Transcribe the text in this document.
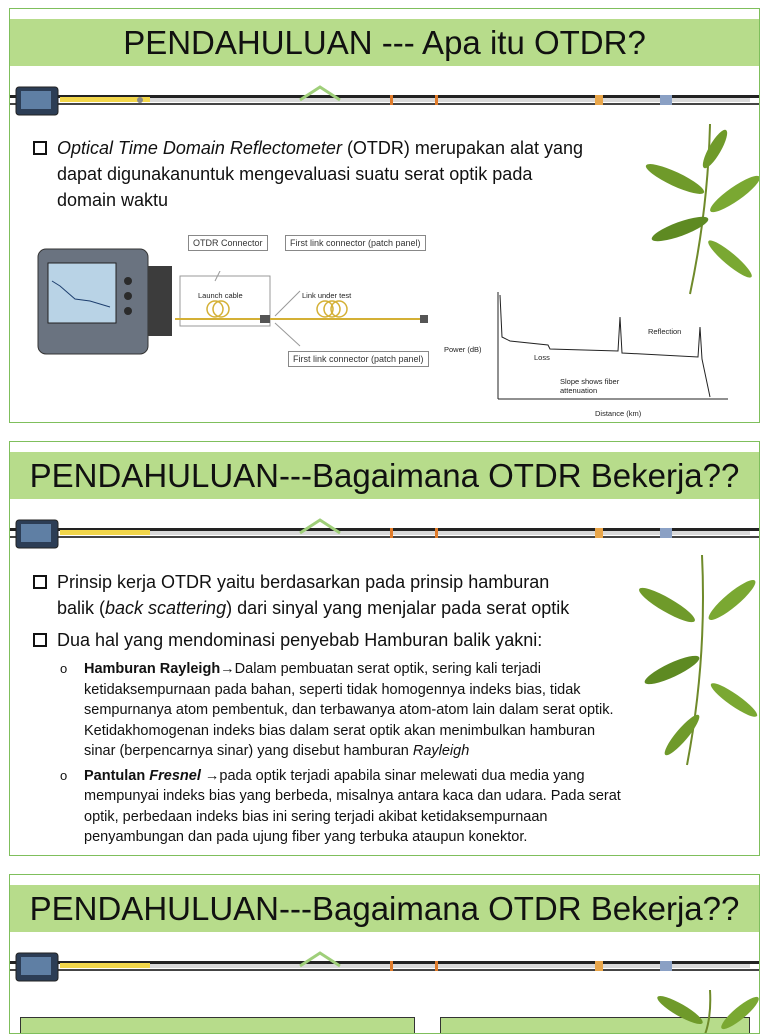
PENDAHULUAN --- Apa itu OTDR?
Optical Time Domain Reflectometer (OTDR) merupakan alat yang
dapat digunakanuntuk mengevaluasi suatu serat optik pada
domain waktu
OTDR Connector	First link connector (patch panel)
First link connector (patch panel)
Launch cable	Link under test
Power (dB)
Loss
Reflection
Slope shows fiber
attenuation
Distance (km)
PENDAHULUAN---Bagaimana OTDR Bekerja??
Prinsip kerja OTDR yaitu berdasarkan pada prinsip hamburan
balik (back scattering) dari sinyal yang menjalar pada serat optik
Dua hal yang mendominasi penyebab Hamburan balik yakni:
o	Hamburan Rayleigh→Dalam pembuatan serat optik, sering kali terjadi ketidaksempurnaan pada bahan, seperti tidak homogennya indeks bias, tidak sempurnanya atom pembentuk, dan terbawanya atom-atom lain dalam serat optik. Ketidakhomogenan indeks bias dalam serat optik akan menimbulkan hamburan sinar (berpencarnya sinar) yang disebut hamburan Rayleigh
o	Pantulan Fresnel →pada optik terjadi apabila sinar melewati dua media yang mempunyai indeks bias yang berbeda, misalnya antara kaca dan udara. Pada serat optik, perbedaan indeks bias ini sering terjadi akibat ketidaksempurnaan penyambungan dan pada ujung fiber yang terbuka ataupun konektor.
PENDAHULUAN---Bagaimana OTDR Bekerja??
